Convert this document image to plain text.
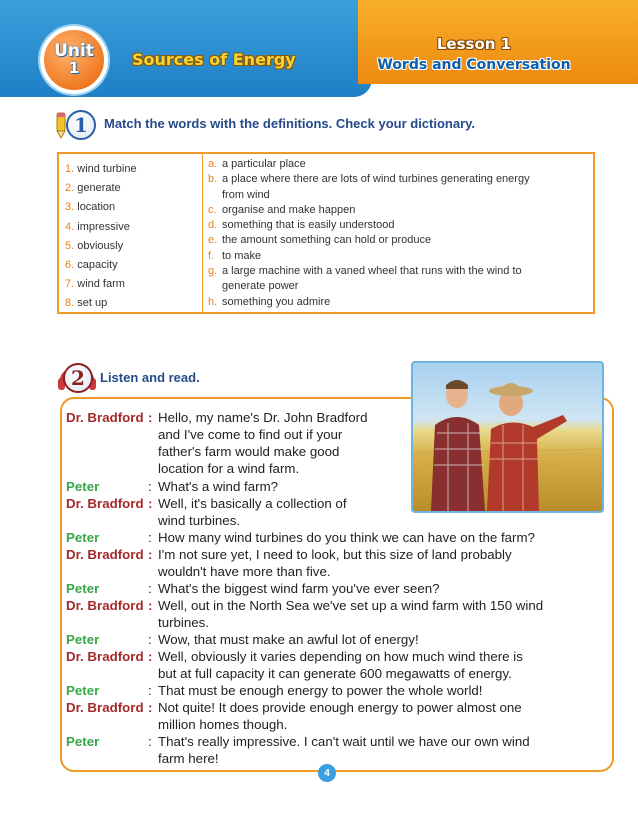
Unit
1	Sources of Energy
Lesson 1
Words and Conversation
1	Match the words with the definitions. Check your dictionary.
1. wind turbine
2. generate
3. location
4. impressive
5. obviously
6. capacity
7. wind farm
8. set up
a. a particular place
b. a place where there are lots of wind turbines generating energy
from wind
c. organise and make happen
d. something that is easily understood
e. the amount something can hold or produce
f. to make
g. a large machine with a vaned wheel that runs with the wind to
generate power
h. something you admire
2	Listen and read.
Dr. Bradford : Hello, my name's Dr. John Bradford
and I've come to find out if your
father's farm would make good
location for a wind farm.
Peter	: What's a wind farm?
Dr. Bradford : Well, it's basically a collection of
wind turbines.
Peter	: How many wind turbines do you think we can have on the farm?
Dr. Bradford : I'm not sure yet, I need to look, but this size of land probably
wouldn't have more than five.
Peter	: What's the biggest wind farm you've ever seen?
Dr. Bradford : Well, out in the North Sea we've set up a wind farm with 150 wind
turbines.
Peter	: Wow, that must make an awful lot of energy!
Dr. Bradford : Well, obviously it varies depending on how much wind there is
but at full capacity it can generate 600 megawatts of energy.
Peter	: That must be enough energy to power the whole world!
Dr. Bradford : Not quite! It does provide enough energy to power almost one
million homes though.
Peter	: That's really impressive. I can't wait until we have our own wind
farm here!
4
